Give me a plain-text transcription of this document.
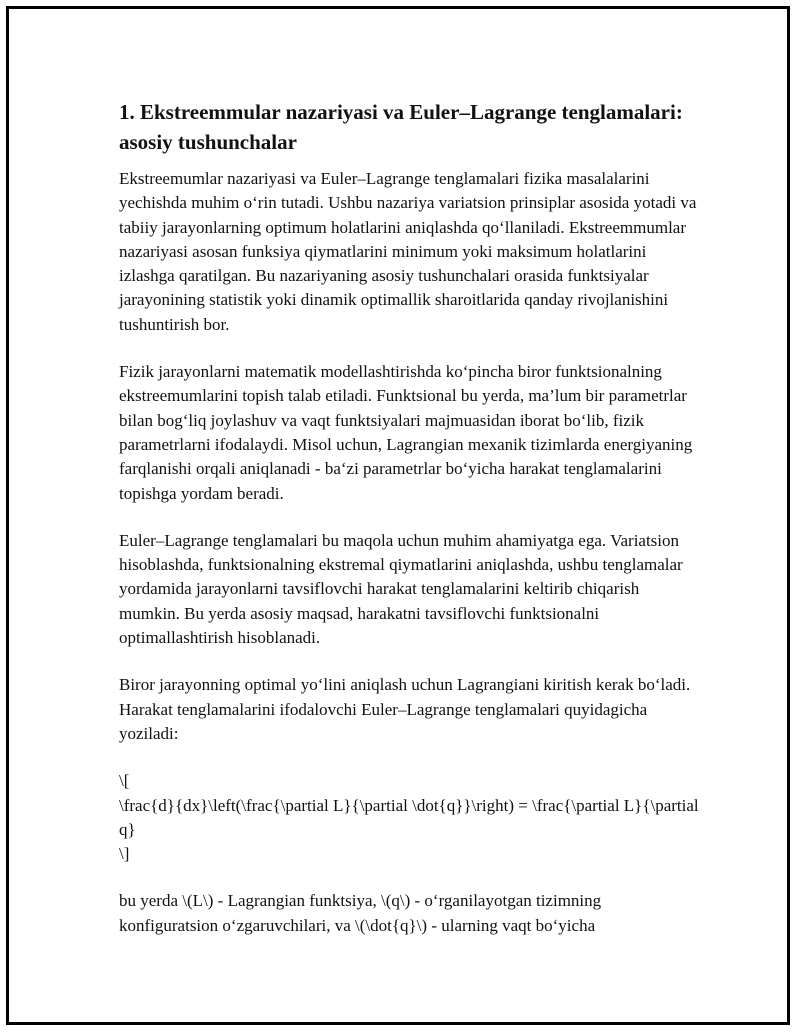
1. Ekstreemmular nazariyasi va Euler–Lagrange tenglamalari: asosiy tushunchalar

Ekstreemumlar nazariyasi va Euler–Lagrange tenglamalari fizika masalalarini yechishda muhim oʻrin tutadi. Ushbu nazariya variatsion prinsiplar asosida yotadi va tabiiy jarayonlarning optimum holatlarini aniqlashda qoʻllaniladi. Ekstreemmumlar nazariyasi asosan funksiya qiymatlarini minimum yoki maksimum holatlarini izlashga qaratilgan. Bu nazariyaning asosiy tushunchalari orasida funktsiyalar jarayonining statistik yoki dinamik optimallik sharoitlarida qanday rivojlanishini tushuntirish bor.

Fizik jarayonlarni matematik modellashtirishda koʻpincha biror funktsionalning ekstreemumlarini topish talab etiladi. Funktsional bu yerda, ma’lum bir parametrlar bilan bogʻliq joylashuv va vaqt funktsiyalari majmuasidan iborat boʻlib, fizik parametrlarni ifodalaydi. Misol uchun, Lagrangian mexanik tizimlarda energiyaning farqlanishi orqali aniqlanadi - baʻzi parametrlar boʻyicha harakat tenglamalarini topishga yordam beradi.

Euler–Lagrange tenglamalari bu maqola uchun muhim ahamiyatga ega. Variatsion hisoblashda, funktsionalning ekstremal qiymatlarini aniqlashda, ushbu tenglamalar yordamida jarayonlarni tavsiflovchi harakat tenglamalarini keltirib chiqarish mumkin. Bu yerda asosiy maqsad, harakatni tavsiflovchi funktsionalni optimallashtirish hisoblanadi.

Biror jarayonning optimal yoʻlini aniqlash uchun Lagrangiani kiritish kerak boʻladi. Harakat tenglamalarini ifodalovchi Euler–Lagrange tenglamalari quyidagicha yoziladi:

\[
\frac{d}{dx}\left(\frac{\partial L}{\partial \dot{q}}\right) = \frac{\partial L}{\partial q}
\]

bu yerda \(L\) - Lagrangian funktsiya, \(q\) - oʻrganilayotgan tizimning konfiguratsion oʻzgaruvchilari, va \(\dot{q}\) - ularning vaqt boʻyicha
